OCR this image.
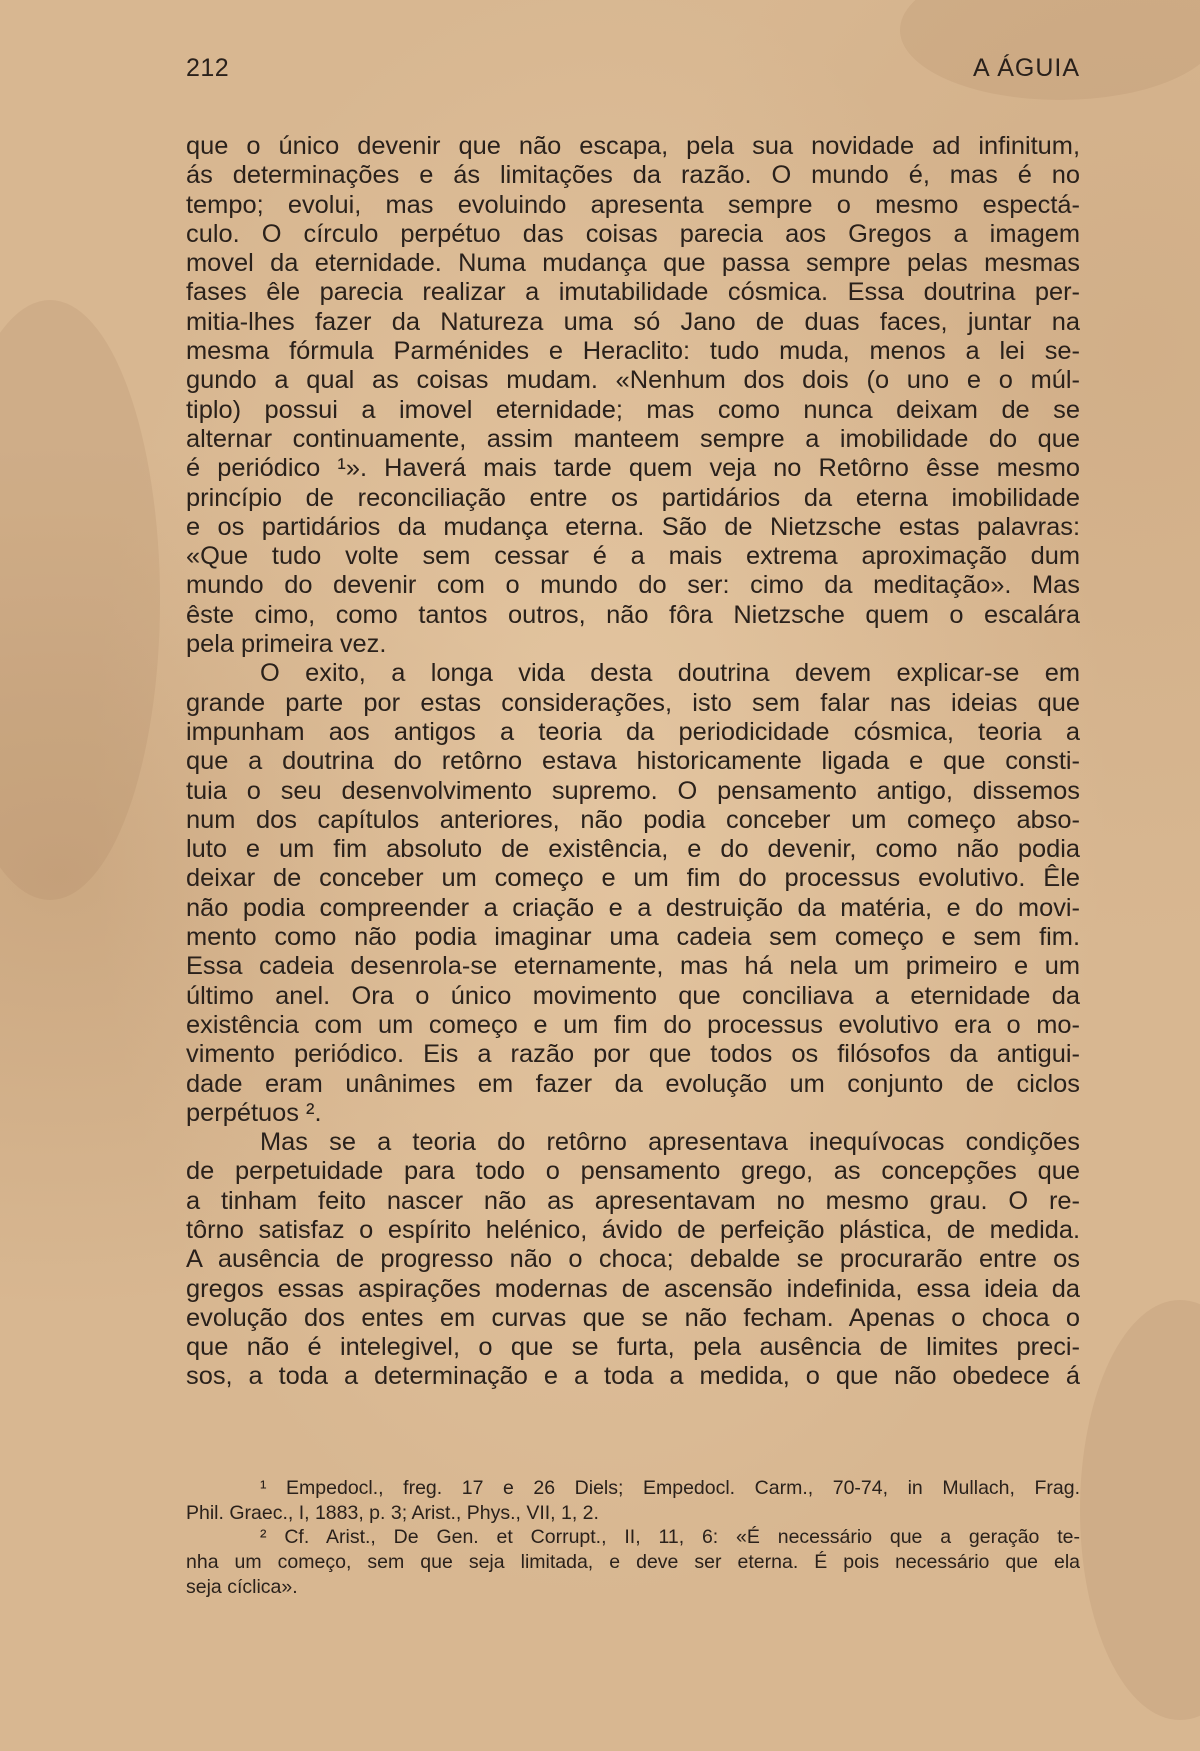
212	A ÁGUIA
que o único devenir que não escapa, pela sua novidade ad infinitum,
ás determinações e ás limitações da razão. O mundo é, mas é no
tempo; evolui, mas evoluindo apresenta sempre o mesmo espectá-
culo. O círculo perpétuo das coisas parecia aos Gregos a imagem
movel da eternidade. Numa mudança que passa sempre pelas mesmas
fases êle parecia realizar a imutabilidade cósmica. Essa doutrina per-
mitia-lhes fazer da Natureza uma só Jano de duas faces, juntar na
mesma fórmula Parménides e Heraclito: tudo muda, menos a lei se-
gundo a qual as coisas mudam. «Nenhum dos dois (o uno e o múl-
tiplo) possui a imovel eternidade; mas como nunca deixam de se
alternar continuamente, assim manteem sempre a imobilidade do que
é periódico ¹». Haverá mais tarde quem veja no Retôrno êsse mesmo
princípio de reconciliação entre os partidários da eterna imobilidade
e os partidários da mudança eterna. São de Nietzsche estas palavras:
«Que tudo volte sem cessar é a mais extrema aproximação dum
mundo do devenir com o mundo do ser: cimo da meditação». Mas
êste cimo, como tantos outros, não fôra Nietzsche quem o escalára
pela primeira vez.
O exito, a longa vida desta doutrina devem explicar-se em
grande parte por estas considerações, isto sem falar nas ideias que
impunham aos antigos a teoria da periodicidade cósmica, teoria a
que a doutrina do retôrno estava historicamente ligada e que consti-
tuia o seu desenvolvimento supremo. O pensamento antigo, dissemos
num dos capítulos anteriores, não podia conceber um começo abso-
luto e um fim absoluto de existência, e do devenir, como não podia
deixar de conceber um começo e um fim do processus evolutivo. Êle
não podia compreender a criação e a destruição da matéria, e do movi-
mento como não podia imaginar uma cadeia sem começo e sem fim.
Essa cadeia desenrola-se eternamente, mas há nela um primeiro e um
último anel. Ora o único movimento que conciliava a eternidade da
existência com um começo e um fim do processus evolutivo era o mo-
vimento periódico. Eis a razão por que todos os filósofos da antigui-
dade eram unânimes em fazer da evolução um conjunto de ciclos
perpétuos ².
Mas se a teoria do retôrno apresentava inequívocas condições
de perpetuidade para todo o pensamento grego, as concepções que
a tinham feito nascer não as apresentavam no mesmo grau. O re-
tôrno satisfaz o espírito helénico, ávido de perfeição plástica, de medida.
A ausência de progresso não o choca; debalde se procurarão entre os
gregos essas aspirações modernas de ascensão indefinida, essa ideia da
evolução dos entes em curvas que se não fecham. Apenas o choca o
que não é intelegivel, o que se furta, pela ausência de limites preci-
sos, a toda a determinação e a toda a medida, o que não obedece á
¹ Empedocl., freg. 17 e 26 Diels; Empedocl. Carm., 70-74, in Mullach, Frag.
Phil. Graec., I, 1883, p. 3; Arist., Phys., VII, 1, 2.
² Cf. Arist., De Gen. et Corrupt., II, 11, 6: «É necessário que a geração te-
nha um começo, sem que seja limitada, e deve ser eterna. É pois necessário que ela
seja cíclica».
